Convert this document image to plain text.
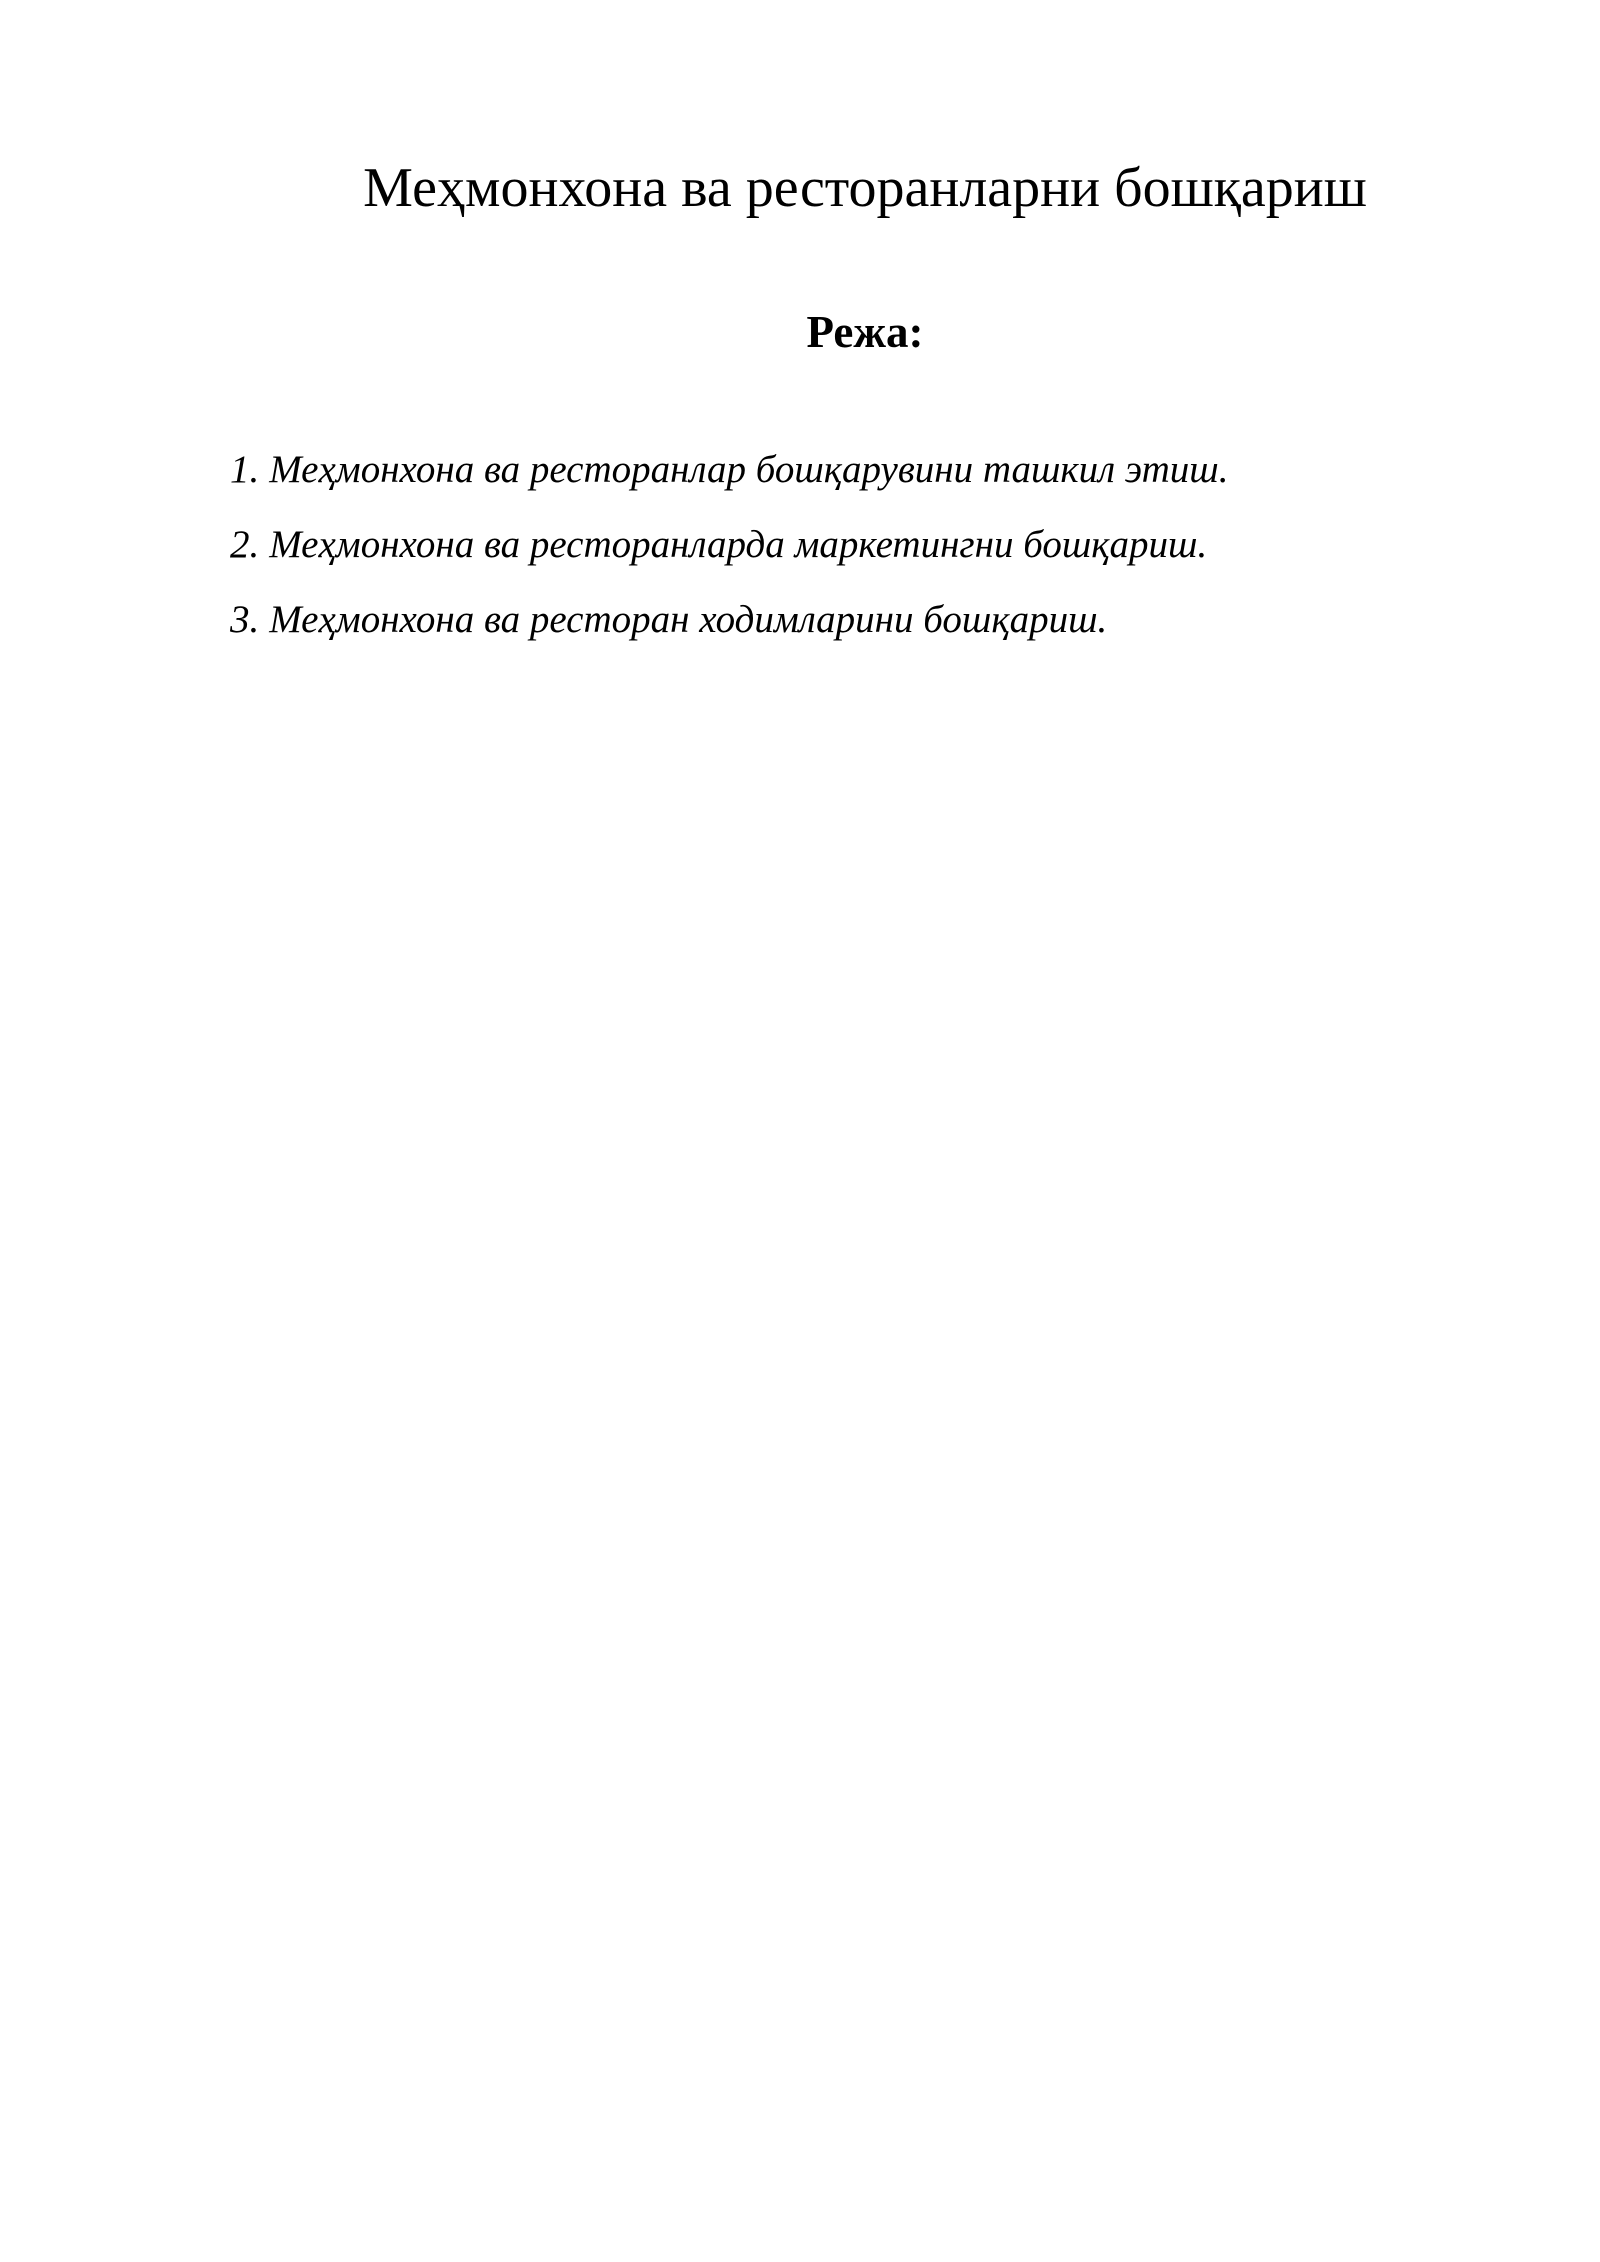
Меҳмонхона ва ресторанларни бошқариш
Режа:
1. Меҳмонхона ва ресторанлар бошқарувини ташкил этиш.
2. Меҳмонхона ва ресторанларда маркетингни бошқариш.
3. Меҳмонхона ва ресторан ходимларини бошқариш.
